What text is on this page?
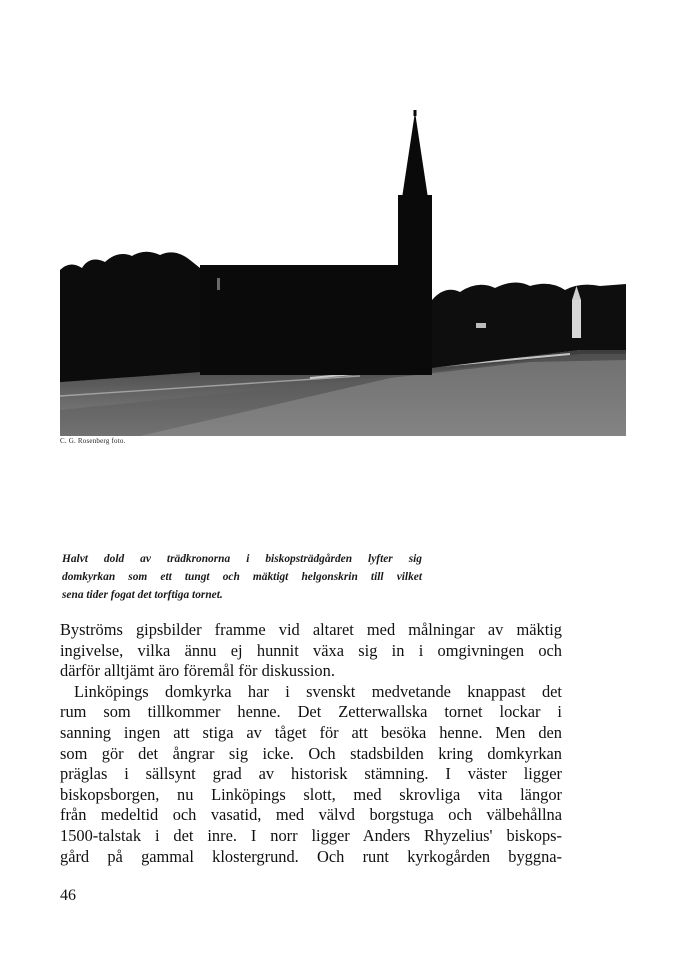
C. G. Rosenberg foto.
Halvt dold av trädkronorna i biskopsträdgården lyfter sig
domkyrkan som ett tungt och mäktigt helgonskrin till vilket
sena tider fogat det torftiga tornet.
Byströms gipsbilder framme vid altaret med målningar av mäktig
ingivelse, vilka ännu ej hunnit växa sig in i omgivningen och
därför alltjämt äro föremål för diskussion.
Linköpings domkyrka har i svenskt medvetande knappast det
rum som tillkommer henne. Det Zetterwallska tornet lockar i
sanning ingen att stiga av tåget för att besöka henne. Men den
som gör det ångrar sig icke. Och stadsbilden kring domkyrkan
präglas i sällsynt grad av historisk stämning. I väster ligger
biskopsborgen, nu Linköpings slott, med skrovliga vita längor
från medeltid och vasatid, med välvd borgstuga och välbehållna
1500-talstak i det inre. I norr ligger Anders Rhyzelius' biskops-
gård på gammal klostergrund. Och runt kyrkogården byggna-
46
